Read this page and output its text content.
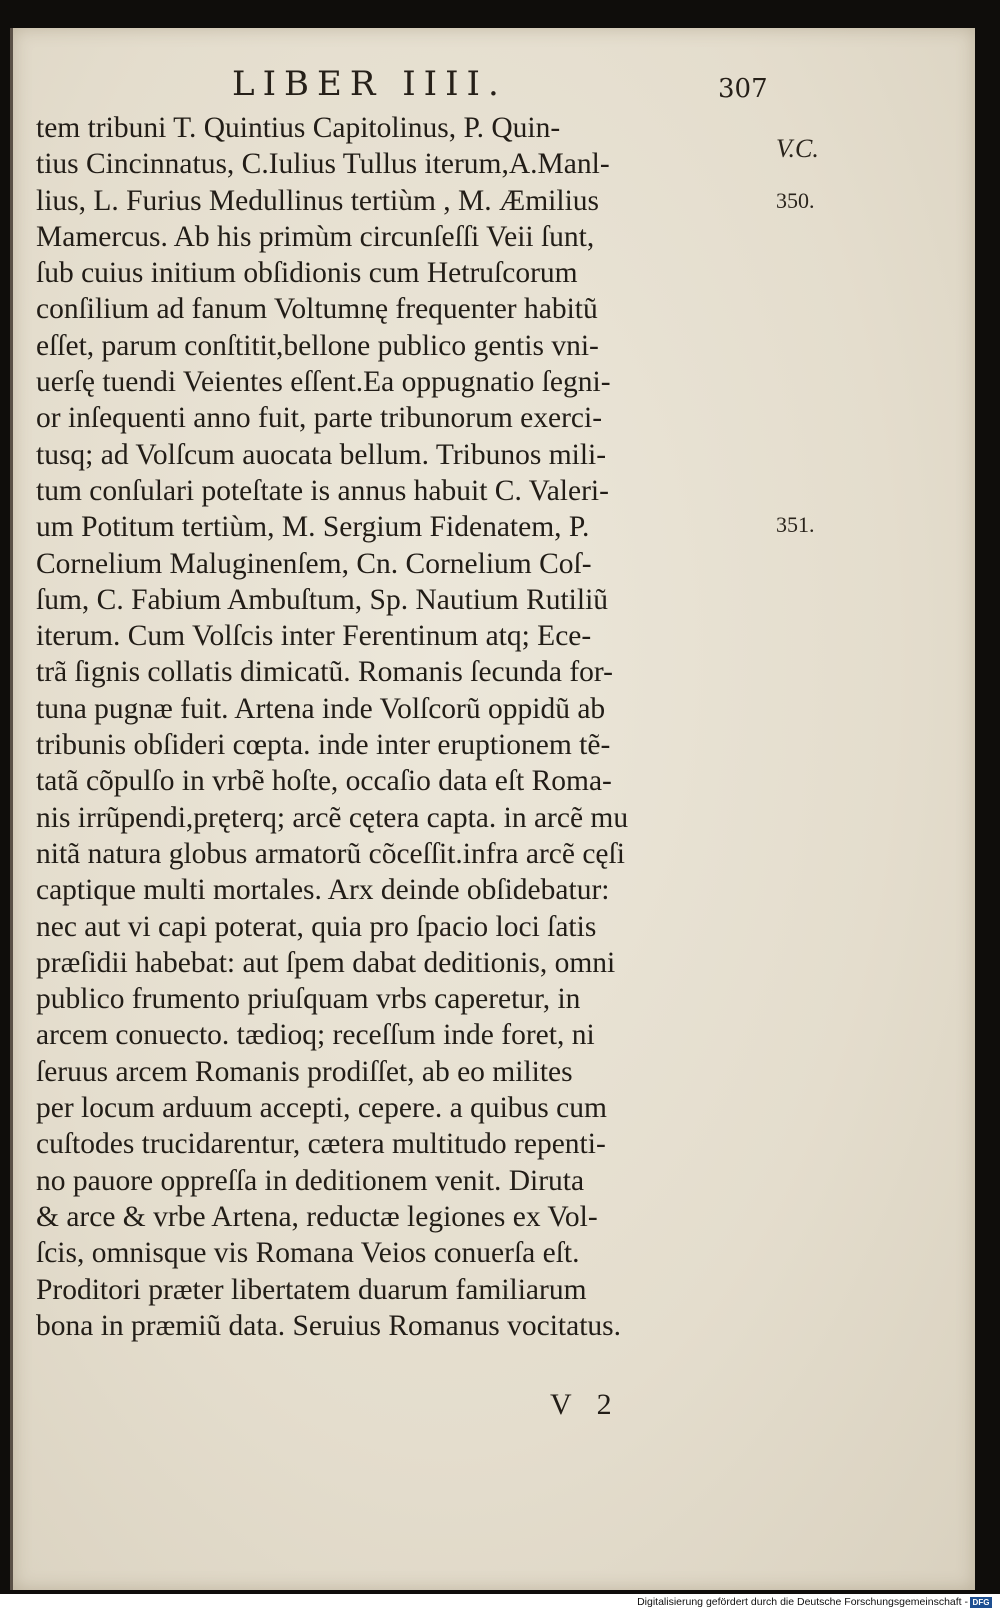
LIBER IIII.	307
V.C.
350.
351.
tem tribuni T. Quintius Capitolinus, P. Quin-
tius Cincinnatus, C.Iulius Tullus iterum,A.Manl-
lius, L. Furius Medullinus tertiùm , M. Æmilius
Mamercus. Ab his primùm circunſeſſi Veii ſunt,
ſub cuius initium obſidionis cum Hetruſcorum
conſilium ad fanum Voltumnę frequenter habitũ
eſſet, parum conſtitit,bellone publico gentis vni-
uerſę tuendi Veientes eſſent.Ea oppugnatio ſegni-
or inſequenti anno fuit, parte tribunorum exerci-
tusq; ad Volſcum auocata bellum. Tribunos mili-
tum conſulari poteſtate is annus habuit C. Valeri-
um Potitum tertiùm, M. Sergium Fidenatem, P.
Cornelium Maluginenſem, Cn. Cornelium Coſ-
ſum, C. Fabium Ambuſtum, Sp. Nautium Rutiliũ
iterum. Cum Volſcis inter Ferentinum atq; Ece-
trã ſignis collatis dimicatũ. Romanis ſecunda for-
tuna pugnæ fuit. Artena inde Volſcorũ oppidũ ab
tribunis obſideri cœpta. inde inter eruptionem tẽ-
tatã cõpulſo in vrbẽ hoſte, occaſio data eſt Roma-
nis irrũpendi,pręterq; arcẽ cętera capta. in arcẽ mu
nitã natura globus armatorũ cõceſſit.infra arcẽ cęſi
captique multi mortales. Arx deinde obſidebatur:
nec aut vi capi poterat, quia pro ſpacio loci ſatis
præſidii habebat: aut ſpem dabat deditionis, omni
publico frumento priuſquam vrbs caperetur, in
arcem conuecto. tædioq; receſſum inde foret, ni
ſeruus arcem Romanis prodiſſet, ab eo milites
per locum arduum accepti, cepere. a quibus cum
cuſtodes trucidarentur, cætera multitudo repenti-
no pauore oppreſſa in deditionem venit. Diruta
& arce & vrbe Artena, reductæ legiones ex Vol-
ſcis, omnisque vis Romana Veios conuerſa eſt.
Proditori præter libertatem duarum familiarum
bona in præmiũ data. Seruius Romanus vocitatus.
V 2
Digitalisierung gefördert durch die Deutsche Forschungsgemeinschaft - DFG
